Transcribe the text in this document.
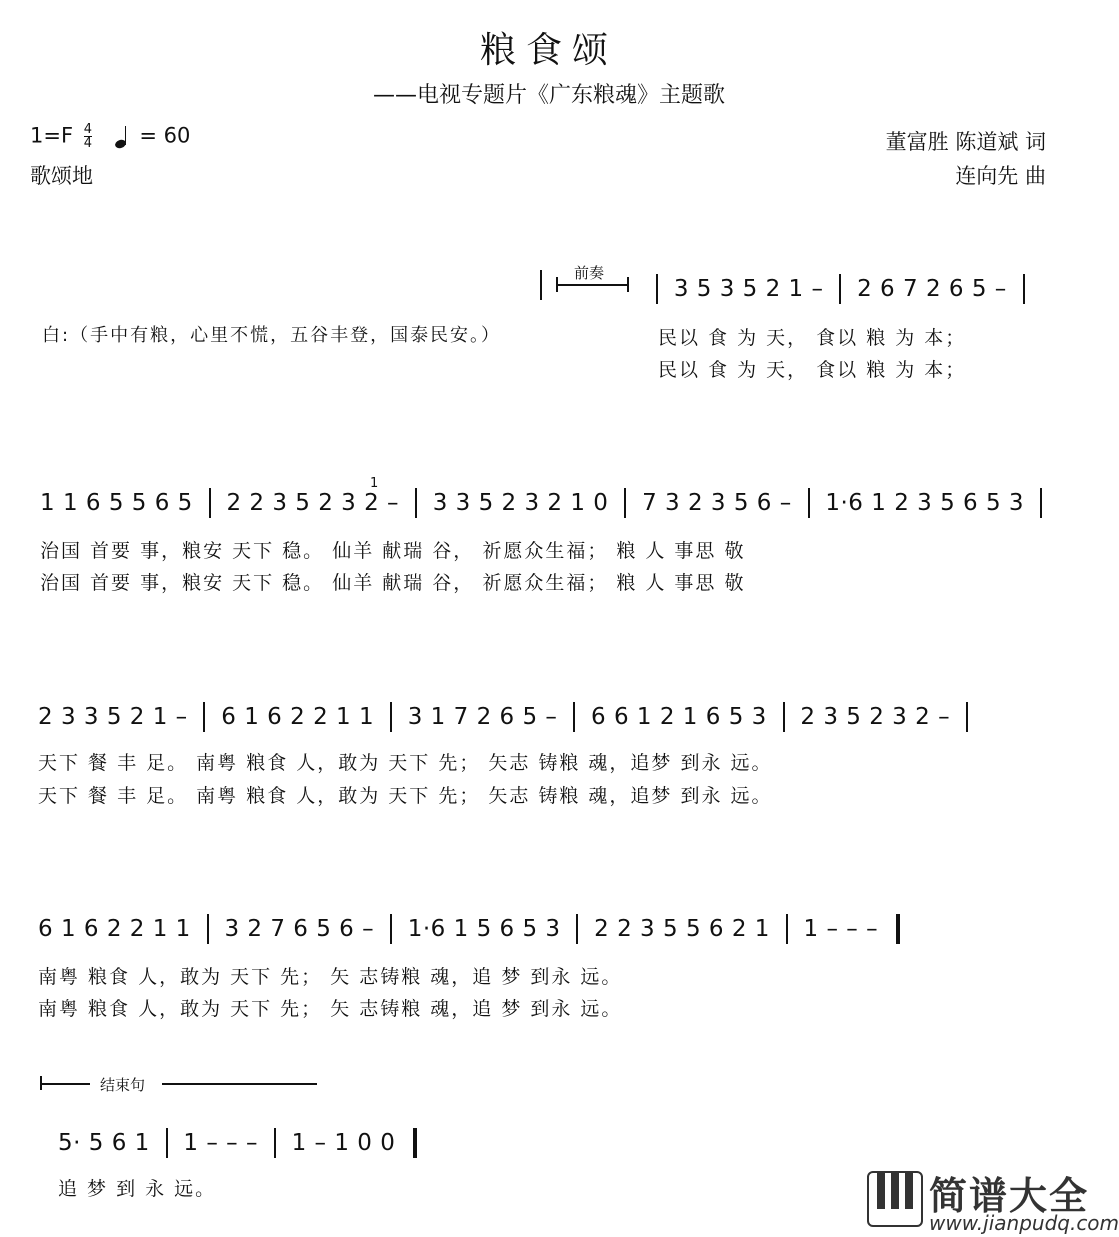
粮食颂
——电视专题片《广东粮魂》主题歌
$1=F \frac{4}{4}$
= 60
歌颂地
董富胜 陈道斌 词
连向先 曲
前奏
3 5 3 5 2 1 – 2 6 7 2 6 5 –
白:（手中有粮，心里不慌，五谷丰登，国泰民安。）	民以 食 为 天， 食以 粮 为 本；
民以 食 为 天， 食以 粮 为 本；
1
1 1 6 5 5 6 5 2 2 3 5 2 3 2 – 3 3 5 2 3 2 1 0 7 3 2 3 5 6 – 1·6 1 2 3 5 6 5 3
治国 首要 事，粮安 天下 稳。 仙羊 献瑞 谷， 祈愿众生福； 粮 人 事思 敬
治国 首要 事，粮安 天下 稳。 仙羊 献瑞 谷， 祈愿众生福； 粮 人 事思 敬
2 3 3 5 2 1 – 6 1 6 2 2 1 1 3 1 7 2 6 5 – 6 6 1 2 1 6 5 3 2 3 5 2 3 2 –
天下 餐 丰 足。 南粤 粮食 人，敢为 天下 先； 矢志 铸粮 魂，追梦 到永 远。
天下 餐 丰 足。 南粤 粮食 人，敢为 天下 先； 矢志 铸粮 魂，追梦 到永 远。
6 1 6 2 2 1 1 3 2 7 6 5 6 – 1·6 1 5 6 5 3 2 2 3 5 5 6 2 1 1 – – –
南粤 粮食 人，敢为 天下 先； 矢 志铸粮 魂，追 梦 到永 远。
南粤 粮食 人，敢为 天下 先； 矢 志铸粮 魂，追 梦 到永 远。
结束句
5· 5 6 1 1 – – – 1 – 1 0 0
追 梦 到 永 远。	简谱大全
www.jianpudq.com
